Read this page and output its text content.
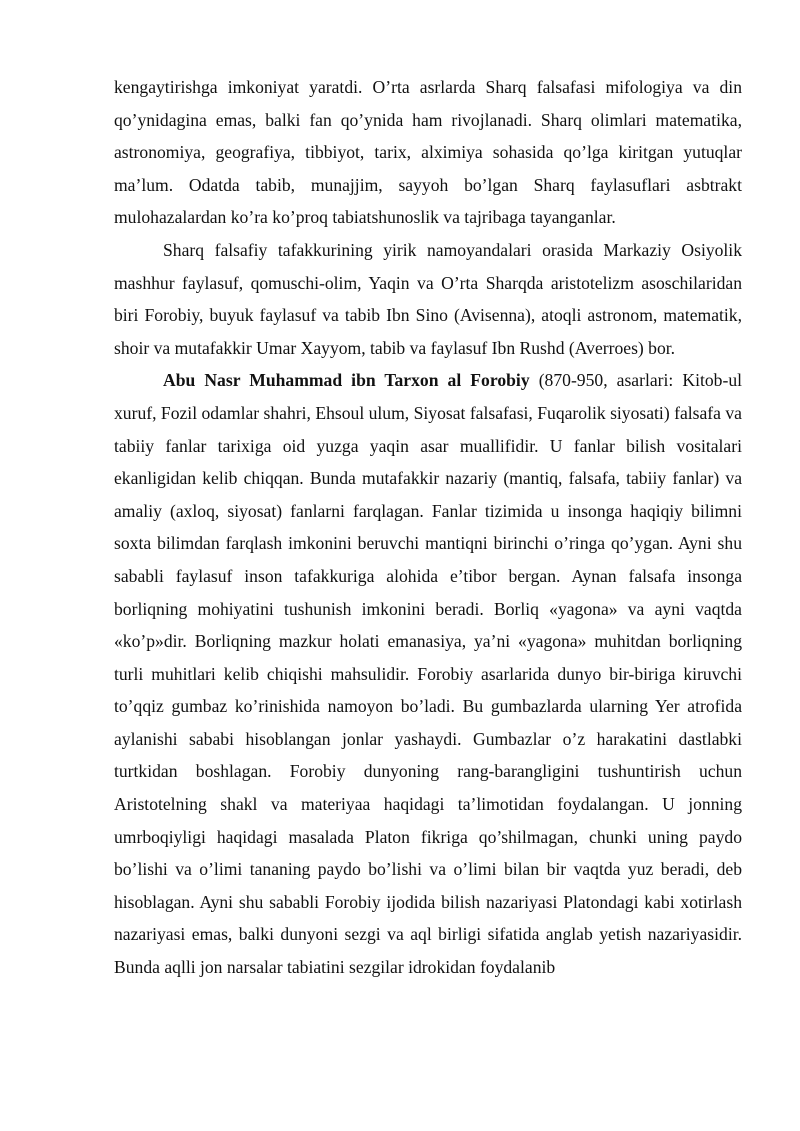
kengaytirishga imkoniyat yaratdi. O’rta asrlarda Sharq falsafasi mifologiya va din qo’ynidagina emas, balki fan qo’ynida ham rivojlanadi. Sharq olimlari matematika, astronomiya, geografiya, tibbiyot, tarix, alximiya sohasida qo’lga kiritgan yutuqlar ma’lum. Odatda tabib, munajjim, sayyoh bo’lgan Sharq faylasuflari asbtrakt mulohazalardan ko’ra ko’proq tabiatshunoslik va tajribaga tayanganlar.

Sharq falsafiy tafakkurining yirik namoyandalari orasida Markaziy Osiyolik mashhur faylasuf, qomuschi-olim, Yaqin va O’rta Sharqda aristotelizm asoschilaridan biri Forobiy, buyuk faylasuf va tabib Ibn Sino (Avisenna), atoqli astronom, matematik, shoir va mutafakkir Umar Xayyom, tabib va faylasuf Ibn Rushd (Averroes) bor.

Abu Nasr Muhammad ibn Tarxon al Forobiy (870-950, asarlari: Kitob-ul xuruf, Fozil odamlar shahri, Ehsoul ulum, Siyosat falsafasi, Fuqarolik siyosati) falsafa va tabiiy fanlar tarixiga oid yuzga yaqin asar muallifidir. U fanlar bilish vositalari ekanligidan kelib chiqqan. Bunda mutafakkir nazariy (mantiq, falsafa, tabiiy fanlar) va amaliy (axloq, siyosat) fanlarni farqlagan. Fanlar tizimida u insonga haqiqiy bilimni soxta bilimdan farqlash imkonini beruvchi mantiqni birinchi o’ringa qo’ygan. Ayni shu sababli faylasuf inson tafakkuriga alohida e’tibor bergan. Aynan falsafa insonga borliqning mohiyatini tushunish imkonini beradi. Borliq «yagona» va ayni vaqtda «ko’p»dir. Borliqning mazkur holati emanasiya, ya’ni «yagona» muhitdan borliqning turli muhitlari kelib chiqishi mahsulidir. Forobiy asarlarida dunyo bir-biriga kiruvchi to’qqiz gumbaz ko’rinishida namoyon bo’ladi. Bu gumbazlarda ularning Yer atrofida aylanishi sababi hisoblangan jonlar yashaydi. Gumbazlar o’z harakatini dastlabki turtkidan boshlagan. Forobiy dunyoning rang-barangligini tushuntirish uchun Aristotelning shakl va materiyaa haqidagi ta’limotidan foydalangan. U jonning umrboqiyligi haqidagi masalada Platon fikriga qo’shilmagan, chunki uning paydo bo’lishi va o’limi tananing paydo bo’lishi va o’limi bilan bir vaqtda yuz beradi, deb hisoblagan. Ayni shu sababli Forobiy ijodida bilish nazariyasi Platondagi kabi xotirlash nazariyasi emas, balki dunyoni sezgi va aql birligi sifatida anglab yetish nazariyasidir. Bunda aqlli jon narsalar tabiatini sezgilar idrokidan foydalanib
